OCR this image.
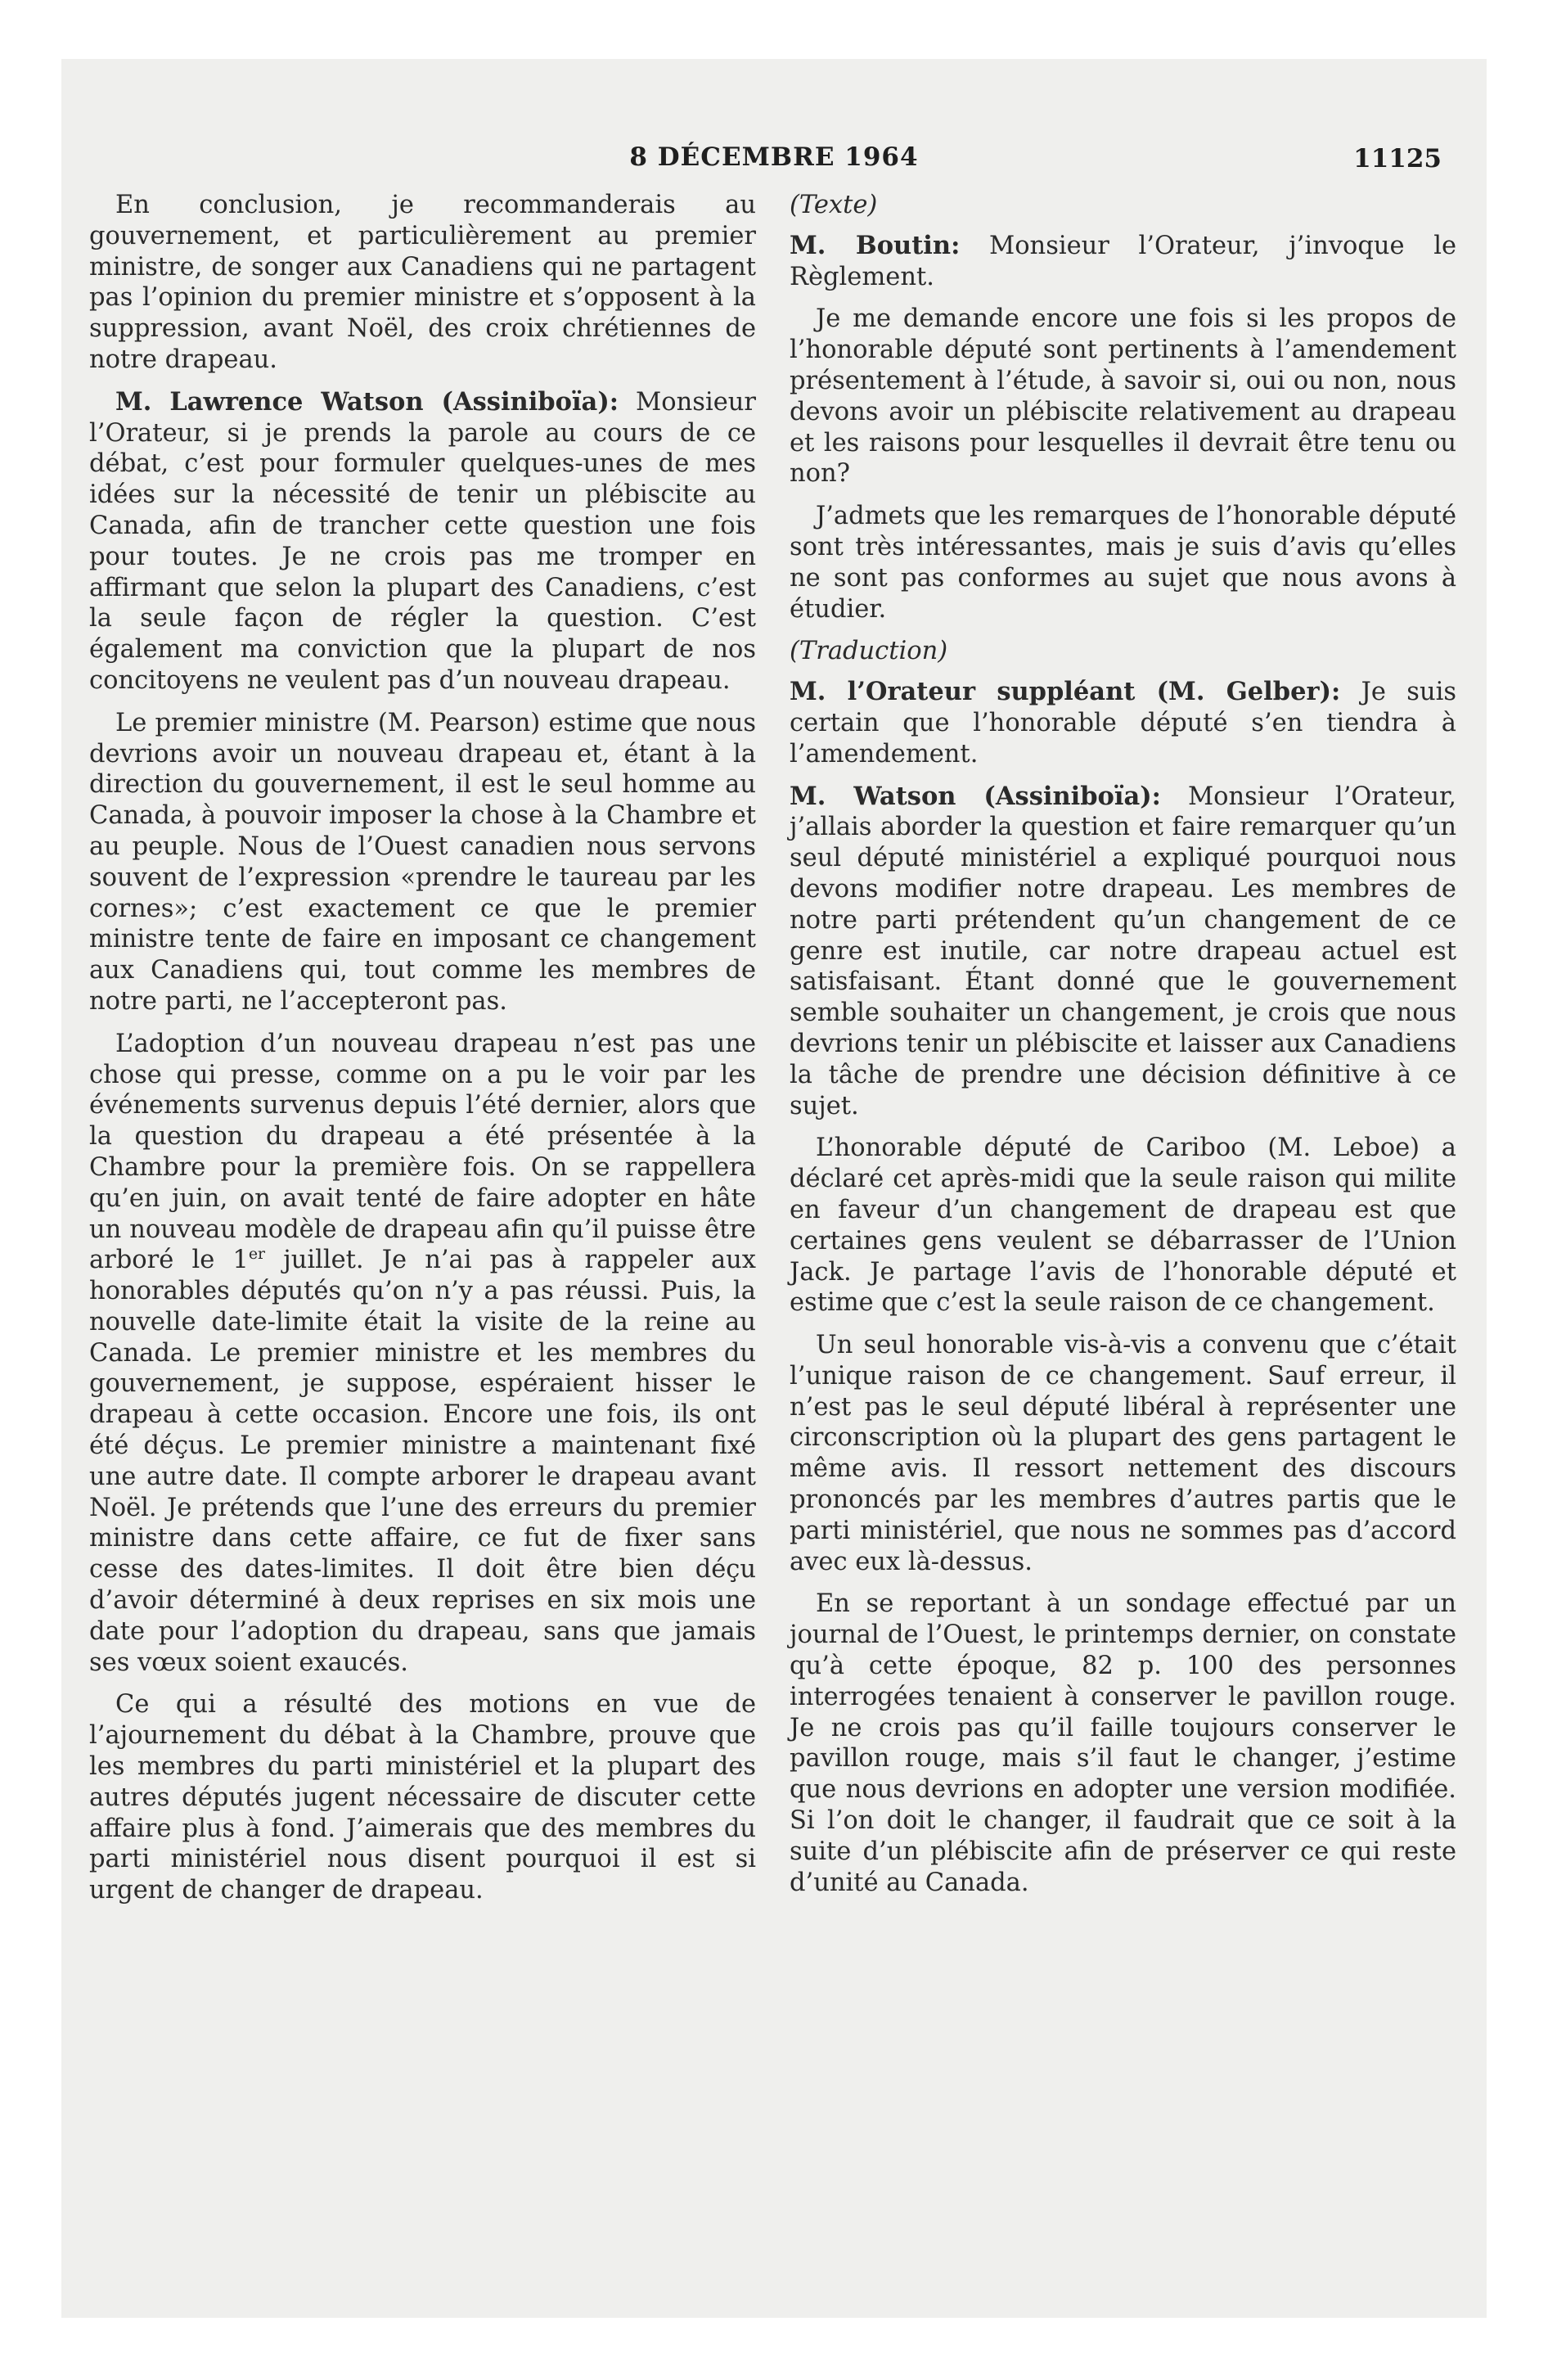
8 DÉCEMBRE 1964	11125

En conclusion, je recommanderais au gouvernement, et particulièrement au premier ministre, de songer aux Canadiens qui ne partagent pas l’opinion du premier ministre et s’opposent à la suppression, avant Noël, des croix chrétiennes de notre drapeau.

M. Lawrence Watson (Assiniboïa): Monsieur l’Orateur, si je prends la parole au cours de ce débat, c’est pour formuler quelques-unes de mes idées sur la nécessité de tenir un plébiscite au Canada, afin de trancher cette question une fois pour toutes. Je ne crois pas me tromper en affirmant que selon la plupart des Canadiens, c’est la seule façon de régler la question. C’est également ma conviction que la plupart de nos concitoyens ne veulent pas d’un nouveau drapeau.

Le premier ministre (M. Pearson) estime que nous devrions avoir un nouveau drapeau et, étant à la direction du gouvernement, il est le seul homme au Canada, à pouvoir imposer la chose à la Chambre et au peuple. Nous de l’Ouest canadien nous servons souvent de l’expression «prendre le taureau par les cornes»; c’est exactement ce que le premier ministre tente de faire en imposant ce changement aux Canadiens qui, tout comme les membres de notre parti, ne l’accepteront pas.

L’adoption d’un nouveau drapeau n’est pas une chose qui presse, comme on a pu le voir par les événements survenus depuis l’été dernier, alors que la question du drapeau a été présentée à la Chambre pour la première fois. On se rappellera qu’en juin, on avait tenté de faire adopter en hâte un nouveau modèle de drapeau afin qu’il puisse être arboré le 1er juillet. Je n’ai pas à rappeler aux honorables députés qu’on n’y a pas réussi. Puis, la nouvelle date-limite était la visite de la reine au Canada. Le premier ministre et les membres du gouvernement, je suppose, espéraient hisser le drapeau à cette occasion. Encore une fois, ils ont été déçus. Le premier ministre a maintenant fixé une autre date. Il compte arborer le drapeau avant Noël. Je prétends que l’une des erreurs du premier ministre dans cette affaire, ce fut de fixer sans cesse des dates-limites. Il doit être bien déçu d’avoir déterminé à deux reprises en six mois une date pour l’adoption du drapeau, sans que jamais ses vœux soient exaucés.

Ce qui a résulté des motions en vue de l’ajournement du débat à la Chambre, prouve que les membres du parti ministériel et la plupart des autres députés jugent nécessaire de discuter cette affaire plus à fond. J’aimerais que des membres du parti ministériel nous disent pourquoi il est si urgent de changer de drapeau.

(Texte)

M. Boutin: Monsieur l’Orateur, j’invoque le Règlement.

Je me demande encore une fois si les propos de l’honorable député sont pertinents à l’amendement présentement à l’étude, à savoir si, oui ou non, nous devons avoir un plébiscite relativement au drapeau et les raisons pour lesquelles il devrait être tenu ou non?

J’admets que les remarques de l’honorable député sont très intéressantes, mais je suis d’avis qu’elles ne sont pas conformes au sujet que nous avons à étudier.

(Traduction)

M. l’Orateur suppléant (M. Gelber): Je suis certain que l’honorable député s’en tiendra à l’amendement.

M. Watson (Assiniboïa): Monsieur l’Orateur, j’allais aborder la question et faire remarquer qu’un seul député ministériel a expliqué pourquoi nous devons modifier notre drapeau. Les membres de notre parti prétendent qu’un changement de ce genre est inutile, car notre drapeau actuel est satisfaisant. Étant donné que le gouvernement semble souhaiter un changement, je crois que nous devrions tenir un plébiscite et laisser aux Canadiens la tâche de prendre une décision définitive à ce sujet.

L’honorable député de Cariboo (M. Leboe) a déclaré cet après-midi que la seule raison qui milite en faveur d’un changement de drapeau est que certaines gens veulent se débarrasser de l’Union Jack. Je partage l’avis de l’honorable député et estime que c’est la seule raison de ce changement.

Un seul honorable vis-à-vis a convenu que c’était l’unique raison de ce changement. Sauf erreur, il n’est pas le seul député libéral à représenter une circonscription où la plupart des gens partagent le même avis. Il ressort nettement des discours prononcés par les membres d’autres partis que le parti ministériel, que nous ne sommes pas d’accord avec eux là-dessus.

En se reportant à un sondage effectué par un journal de l’Ouest, le printemps dernier, on constate qu’à cette époque, 82 p. 100 des personnes interrogées tenaient à conserver le pavillon rouge. Je ne crois pas qu’il faille toujours conserver le pavillon rouge, mais s’il faut le changer, j’estime que nous devrions en adopter une version modifiée. Si l’on doit le changer, il faudrait que ce soit à la suite d’un plébiscite afin de préserver ce qui reste d’unité au Canada.
